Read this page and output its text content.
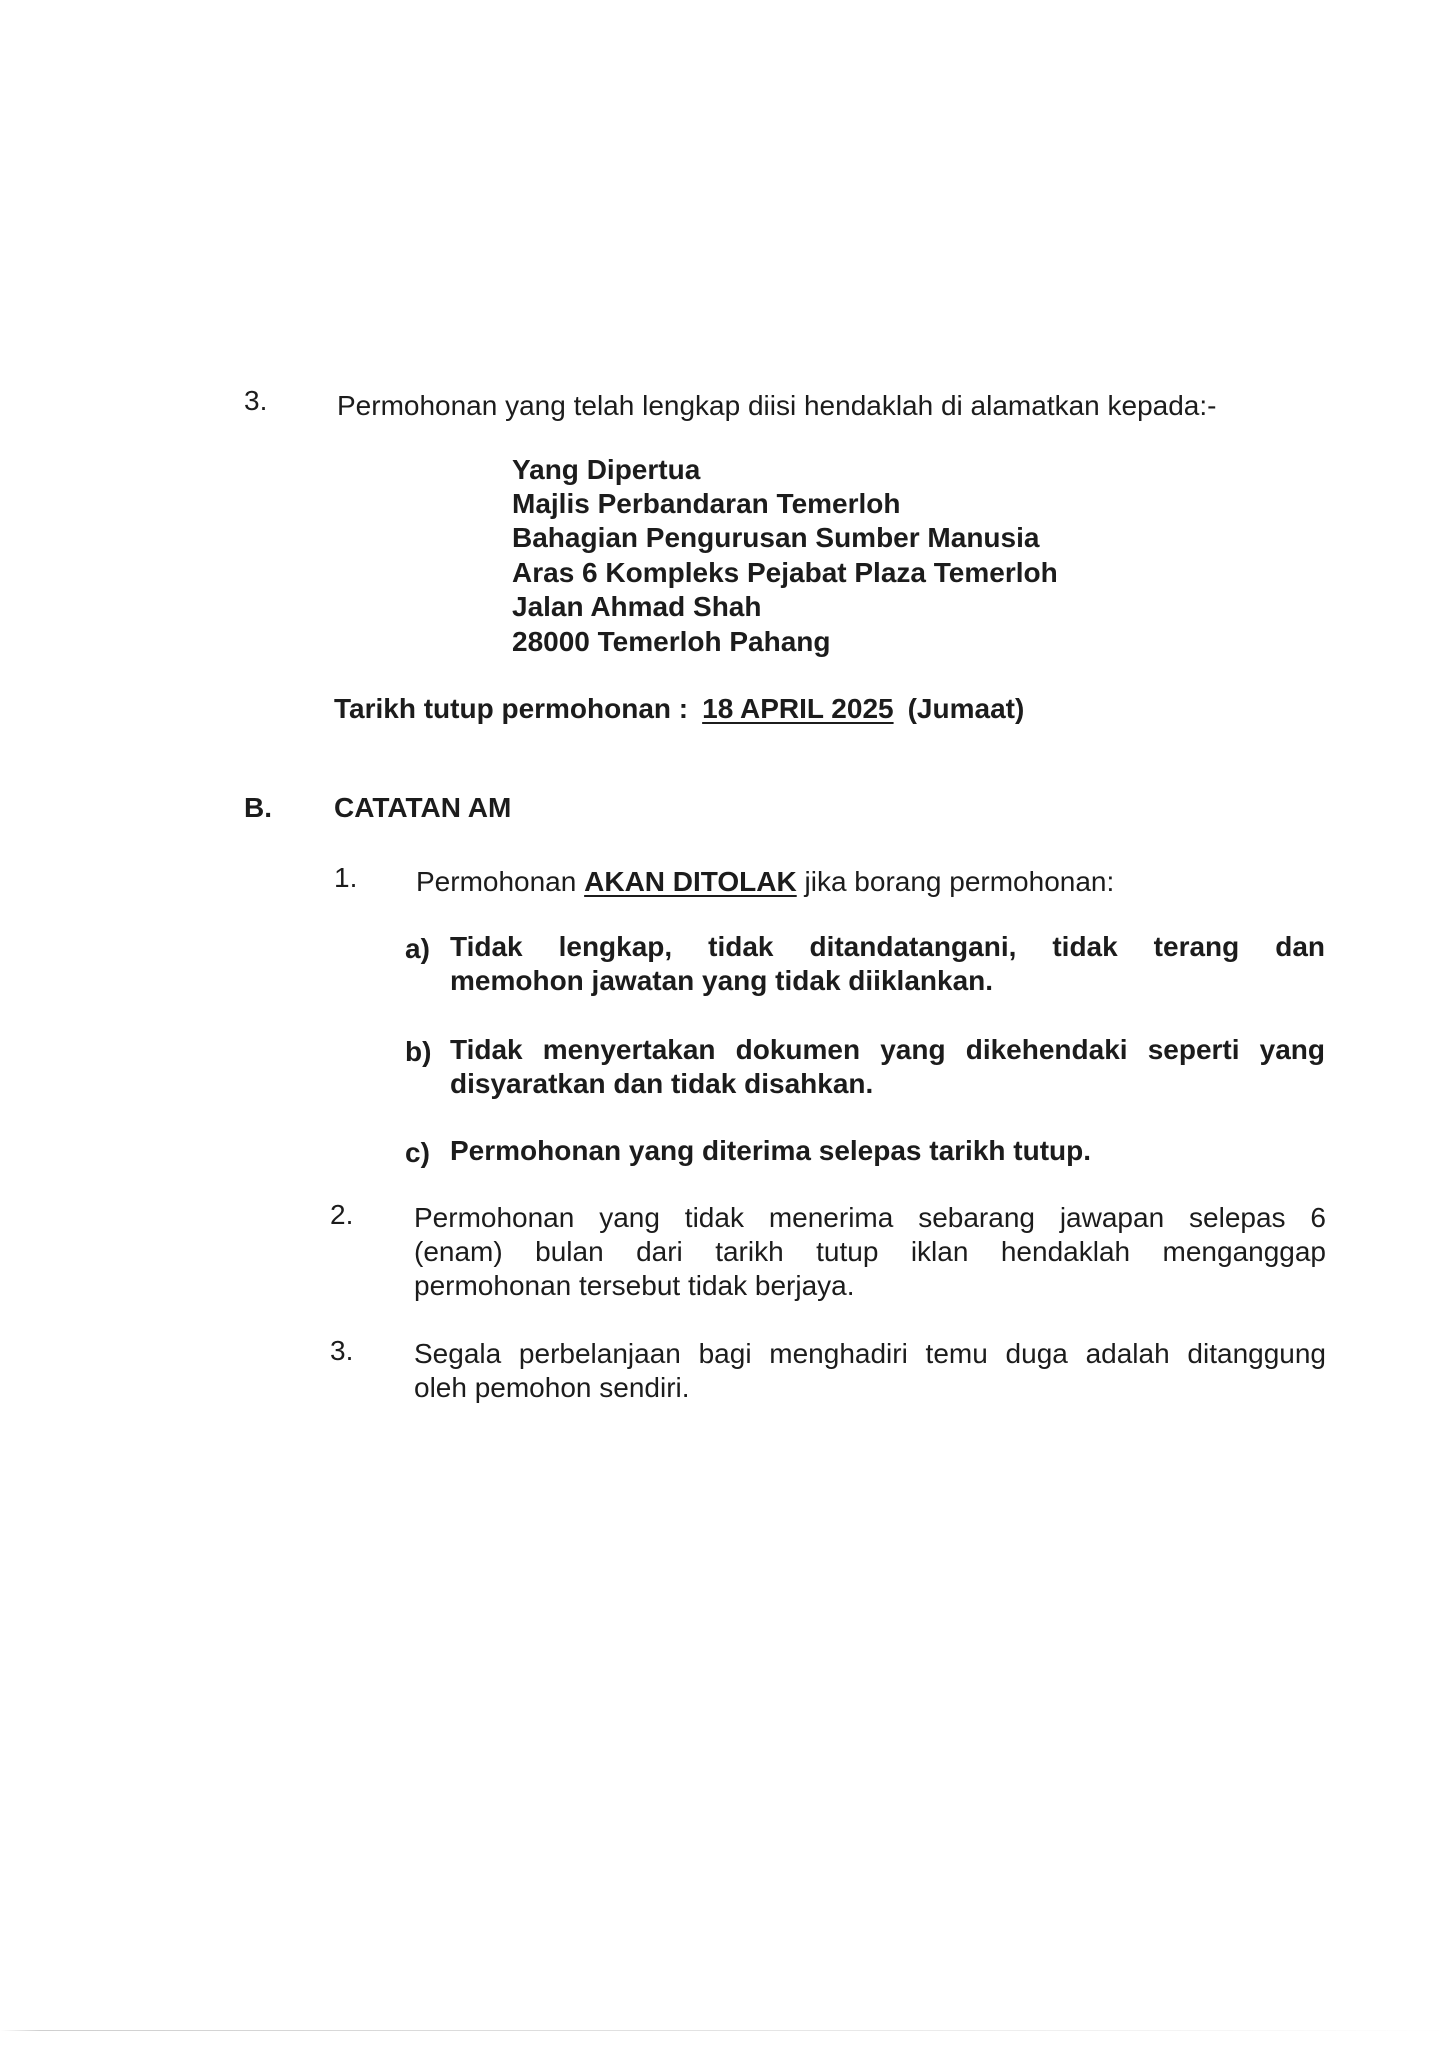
3. Permohonan yang telah lengkap diisi hendaklah di alamatkan kepada:-
Yang Dipertua
Majlis Perbandaran Temerloh
Bahagian Pengurusan Sumber Manusia
Aras 6 Kompleks Pejabat Plaza Temerloh
Jalan Ahmad Shah
28000 Temerloh Pahang
Tarikh tutup permohonan : 18 APRIL 2025 (Jumaat)
B. CATATAN AM
1. Permohonan AKAN DITOLAK jika borang permohonan:
a) Tidak lengkap, tidak ditandatangani, tidak terang dan
memohon jawatan yang tidak diiklankan.
b) Tidak menyertakan dokumen yang dikehendaki seperti yang
disyaratkan dan tidak disahkan.
c) Permohonan yang diterima selepas tarikh tutup.
2. Permohonan yang tidak menerima sebarang jawapan selepas 6
(enam) bulan dari tarikh tutup iklan hendaklah menganggap
permohonan tersebut tidak berjaya.
3. Segala perbelanjaan bagi menghadiri temu duga adalah ditanggung
oleh pemohon sendiri.
